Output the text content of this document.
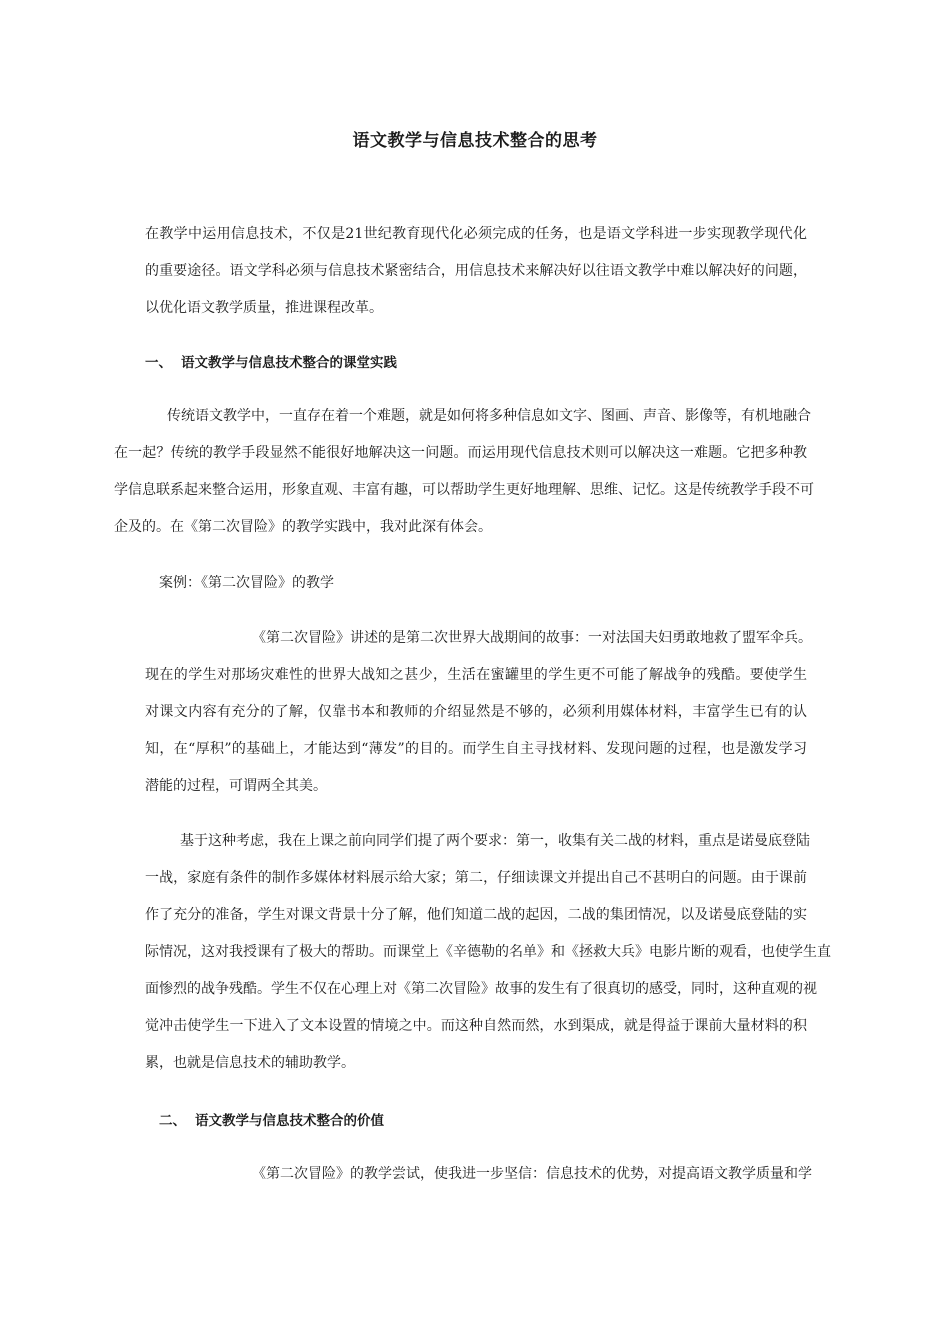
语文教学与信息技术整合的思考
在教学中运用信息技术，不仅是21世纪教育现代化必须完成的任务，也是语文学科进一步实现教学现代化
的重要途径。语文学科必须与信息技术紧密结合，用信息技术来解决好以往语文教学中难以解决好的问题，
以优化语文教学质量，推进课程改革。
一、 语文教学与信息技术整合的课堂实践
传统语文教学中，一直存在着一个难题，就是如何将多种信息如文字、图画、声音、影像等，有机地融合
在一起？传统的教学手段显然不能很好地解决这一问题。而运用现代信息技术则可以解决这一难题。它把多种教
学信息联系起来整合运用，形象直观、丰富有趣，可以帮助学生更好地理解、思维、记忆。这是传统教学手段不可
企及的。在《第二次冒险》的教学实践中，我对此深有体会。
案例：《第二次冒险》的教学
《第二次冒险》讲述的是第二次世界大战期间的故事：一对法国夫妇勇敢地救了盟军伞兵。
现在的学生对那场灾难性的世界大战知之甚少，生活在蜜罐里的学生更不可能了解战争的残酷。要使学生
对课文内容有充分的了解，仅靠书本和教师的介绍显然是不够的，必须利用媒体材料，丰富学生已有的认
知，在“厚积”的基础上，才能达到“薄发”的目的。而学生自主寻找材料、发现问题的过程，也是激发学习
潜能的过程，可谓两全其美。
基于这种考虑，我在上课之前向同学们提了两个要求：第一，收集有关二战的材料，重点是诺曼底登陆
一战，家庭有条件的制作多媒体材料展示给大家；第二，仔细读课文并提出自己不甚明白的问题。由于课前
作了充分的准备，学生对课文背景十分了解，他们知道二战的起因，二战的集团情况，以及诺曼底登陆的实
际情况，这对我授课有了极大的帮助。而课堂上《辛德勒的名单》和《拯救大兵》电影片断的观看，也使学生直
面惨烈的战争残酷。学生不仅在心理上对《第二次冒险》故事的发生有了很真切的感受，同时，这种直观的视
觉冲击使学生一下进入了文本设置的情境之中。而这种自然而然，水到渠成，就是得益于课前大量材料的积
累，也就是信息技术的辅助教学。
二、 语文教学与信息技术整合的价值
《第二次冒险》的教学尝试，使我进一步坚信：信息技术的优势，对提高语文教学质量和学
